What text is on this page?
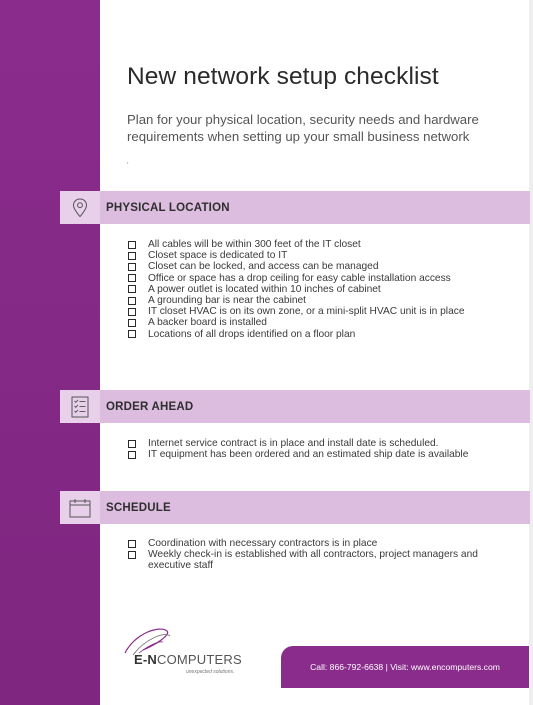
New network setup checklist

Plan for your physical location, security needs and hardware requirements when setting up your small business network

'
PHYSICAL LOCATION
All cables will be within 300 feet of the IT closet
Closet space is dedicated to IT
Closet can be locked, and access can be managed
Office or space has a drop ceiling for easy cable installation access
A power outlet is located within 10 inches of cabinet
A grounding bar is near the cabinet
IT closet HVAC is on its own zone, or a mini-split HVAC unit is in place
A backer board is installed
Locations of all drops identified on a floor plan
ORDER AHEAD
Internet service contract is in place and install date is scheduled.
IT equipment has been ordered and an estimated ship date is available
SCHEDULE
Coordination with necessary contractors is in place
Weekly check-in is established with all contractors, project managers and executive staff
E-NCOMPUTERS
unexpected solutions.	Call: 866-792-6638 | Visit: www.encomputers.com
